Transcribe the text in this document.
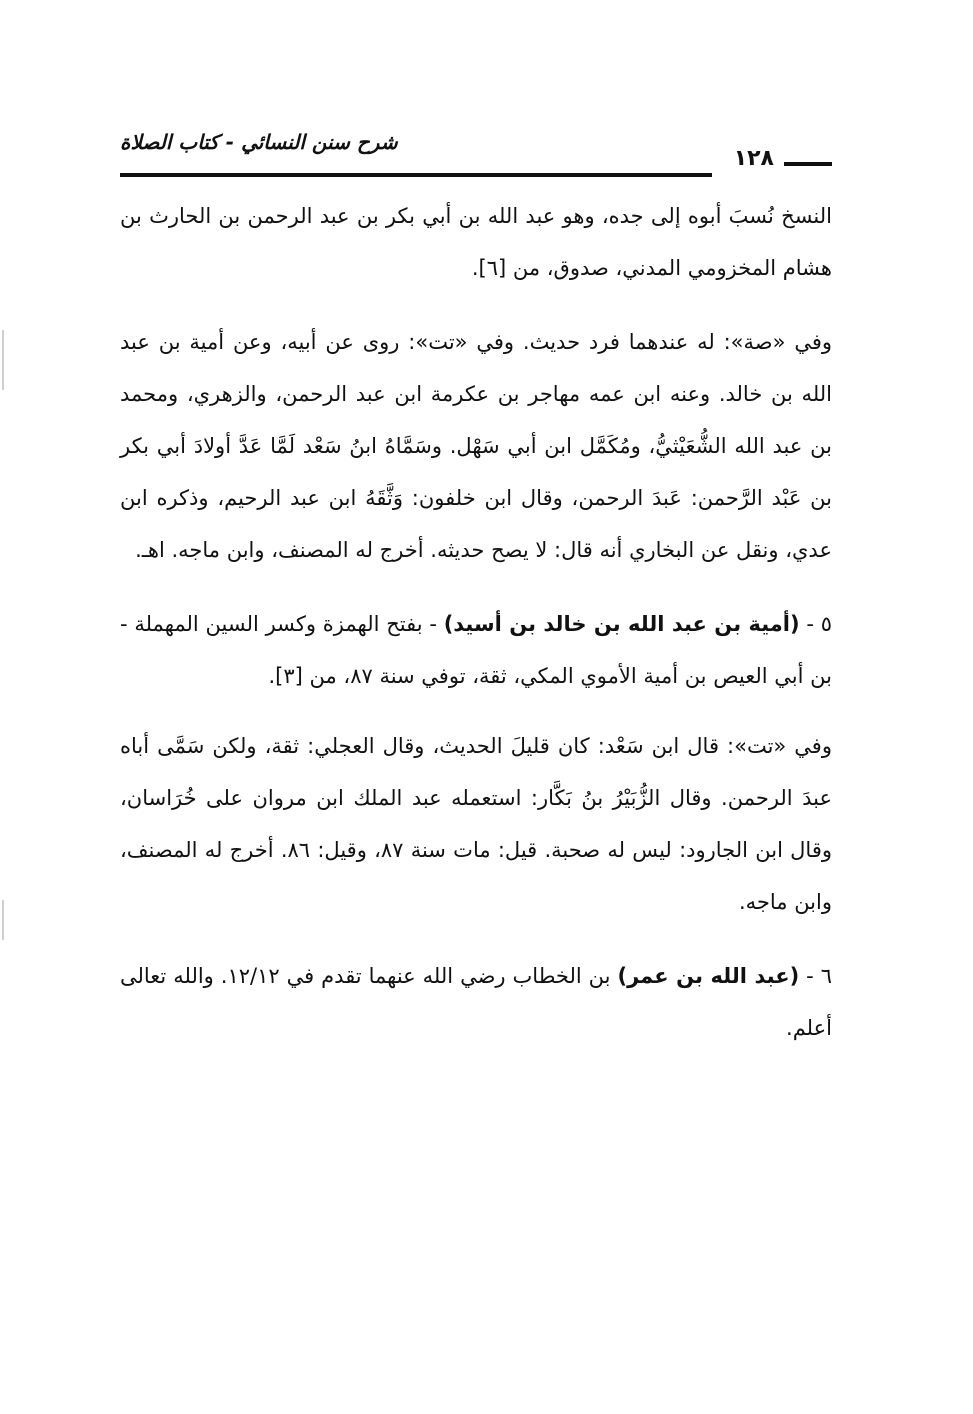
شرح سنن النسائي - كتاب الصلاة
١٢٨

النسخ نُسبَ أبوه إلى جده، وهو عبد الله بن أبي بكر بن عبد الرحمن بن الحارث بن هشام المخزومي المدني، صدوق، من [٦].

وفي «صة»: له عندهما فرد حديث. وفي «تت»: روى عن أبيه، وعن أمية بن عبد الله بن خالد. وعنه ابن عمه مهاجر بن عكرمة ابن عبد الرحمن، والزهري، ومحمد بن عبد الله الشُّعَيْثيُّ، ومُكَمَّل ابن أبي سَهْل. وسَمَّاهُ ابنُ سَعْد لَمَّا عَدَّ أولادَ أبي بكر بن عَبْد الرَّحمن: عَبدَ الرحمن، وقال ابن خلفون: وَثَّقَهُ ابن عبد الرحيم، وذكره ابن عدي، ونقل عن البخاري أنه قال: لا يصح حديثه. أخرج له المصنف، وابن ماجه. اهـ.

٥ - (أمية بن عبد الله بن خالد بن أسيد) - بفتح الهمزة وكسر السين المهملة - بن أبي العيص بن أمية الأموي المكي، ثقة، توفي سنة ٨٧، من [٣].

وفي «تت»: قال ابن سَعْد: كان قليلَ الحديث، وقال العجلي: ثقة، ولكن سَمَّى أباه عبدَ الرحمن. وقال الزُّبَيْرُ بنُ بَكَّار: استعمله عبد الملك ابن مروان على خُرَاسان، وقال ابن الجارود: ليس له صحبة. قيل: مات سنة ٨٧، وقيل: ٨٦. أخرج له المصنف، وابن ماجه.

٦ - (عبد الله بن عمر) بن الخطاب رضي الله عنهما تقدم في ١٢/١٢. والله تعالى أعلم.
